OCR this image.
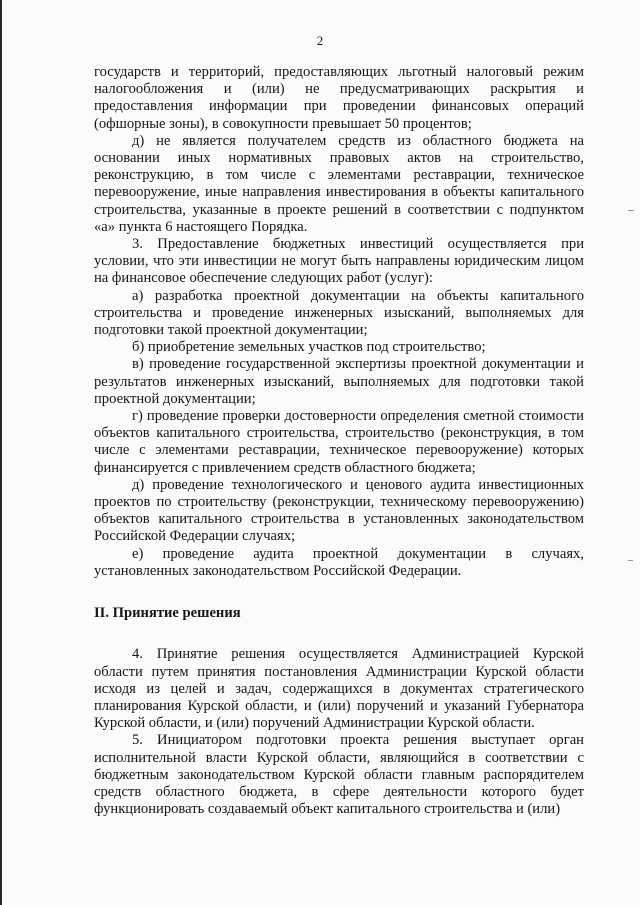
2

государств и территорий, предоставляющих льготный налоговый режим налогообложения и (или) не предусматривающих раскрытия и предоставления информации при проведении финансовых операций (офшорные зоны), в совокупности превышает 50 процентов;

д) не является получателем средств из областного бюджета на основании иных нормативных правовых актов на строительство, реконструкцию, в том числе с элементами реставрации, техническое перевооружение, иные направления инвестирования в объекты капитального строительства, указанные в проекте решений в соответствии с подпунктом «а» пункта 6 настоящего Порядка.

3. Предоставление бюджетных инвестиций осуществляется при условии, что эти инвестиции не могут быть направлены юридическим лицом на финансовое обеспечение следующих работ (услуг):

а) разработка проектной документации на объекты капитального строительства и проведение инженерных изысканий, выполняемых для подготовки такой проектной документации;

б) приобретение земельных участков под строительство;

в) проведение государственной экспертизы проектной документации и результатов инженерных изысканий, выполняемых для подготовки такой проектной документации;

г) проведение проверки достоверности определения сметной стоимости объектов капитального строительства, строительство (реконструкция, в том числе с элементами реставрации, техническое перевооружение) которых финансируется с привлечением средств областного бюджета;

д) проведение технологического и ценового аудита инвестиционных проектов по строительству (реконструкции, техническому перевооружению) объектов капитального строительства в установленных законодательством Российской Федерации случаях;

е) проведение аудита проектной документации в случаях, установленных законодательством Российской Федерации.

II. Принятие решения

4. Принятие решения осуществляется Администрацией Курской области путем принятия постановления Администрации Курской области исходя из целей и задач, содержащихся в документах стратегического планирования Курской области, и (или) поручений и указаний Губернатора Курской области, и (или) поручений Администрации Курской области.

5. Инициатором подготовки проекта решения выступает орган исполнительной власти Курской области, являющийся в соответствии с бюджетным законодательством Курской области главным распорядителем средств областного бюджета, в сфере деятельности которого будет функционировать создаваемый объект капитального строительства и (или)
